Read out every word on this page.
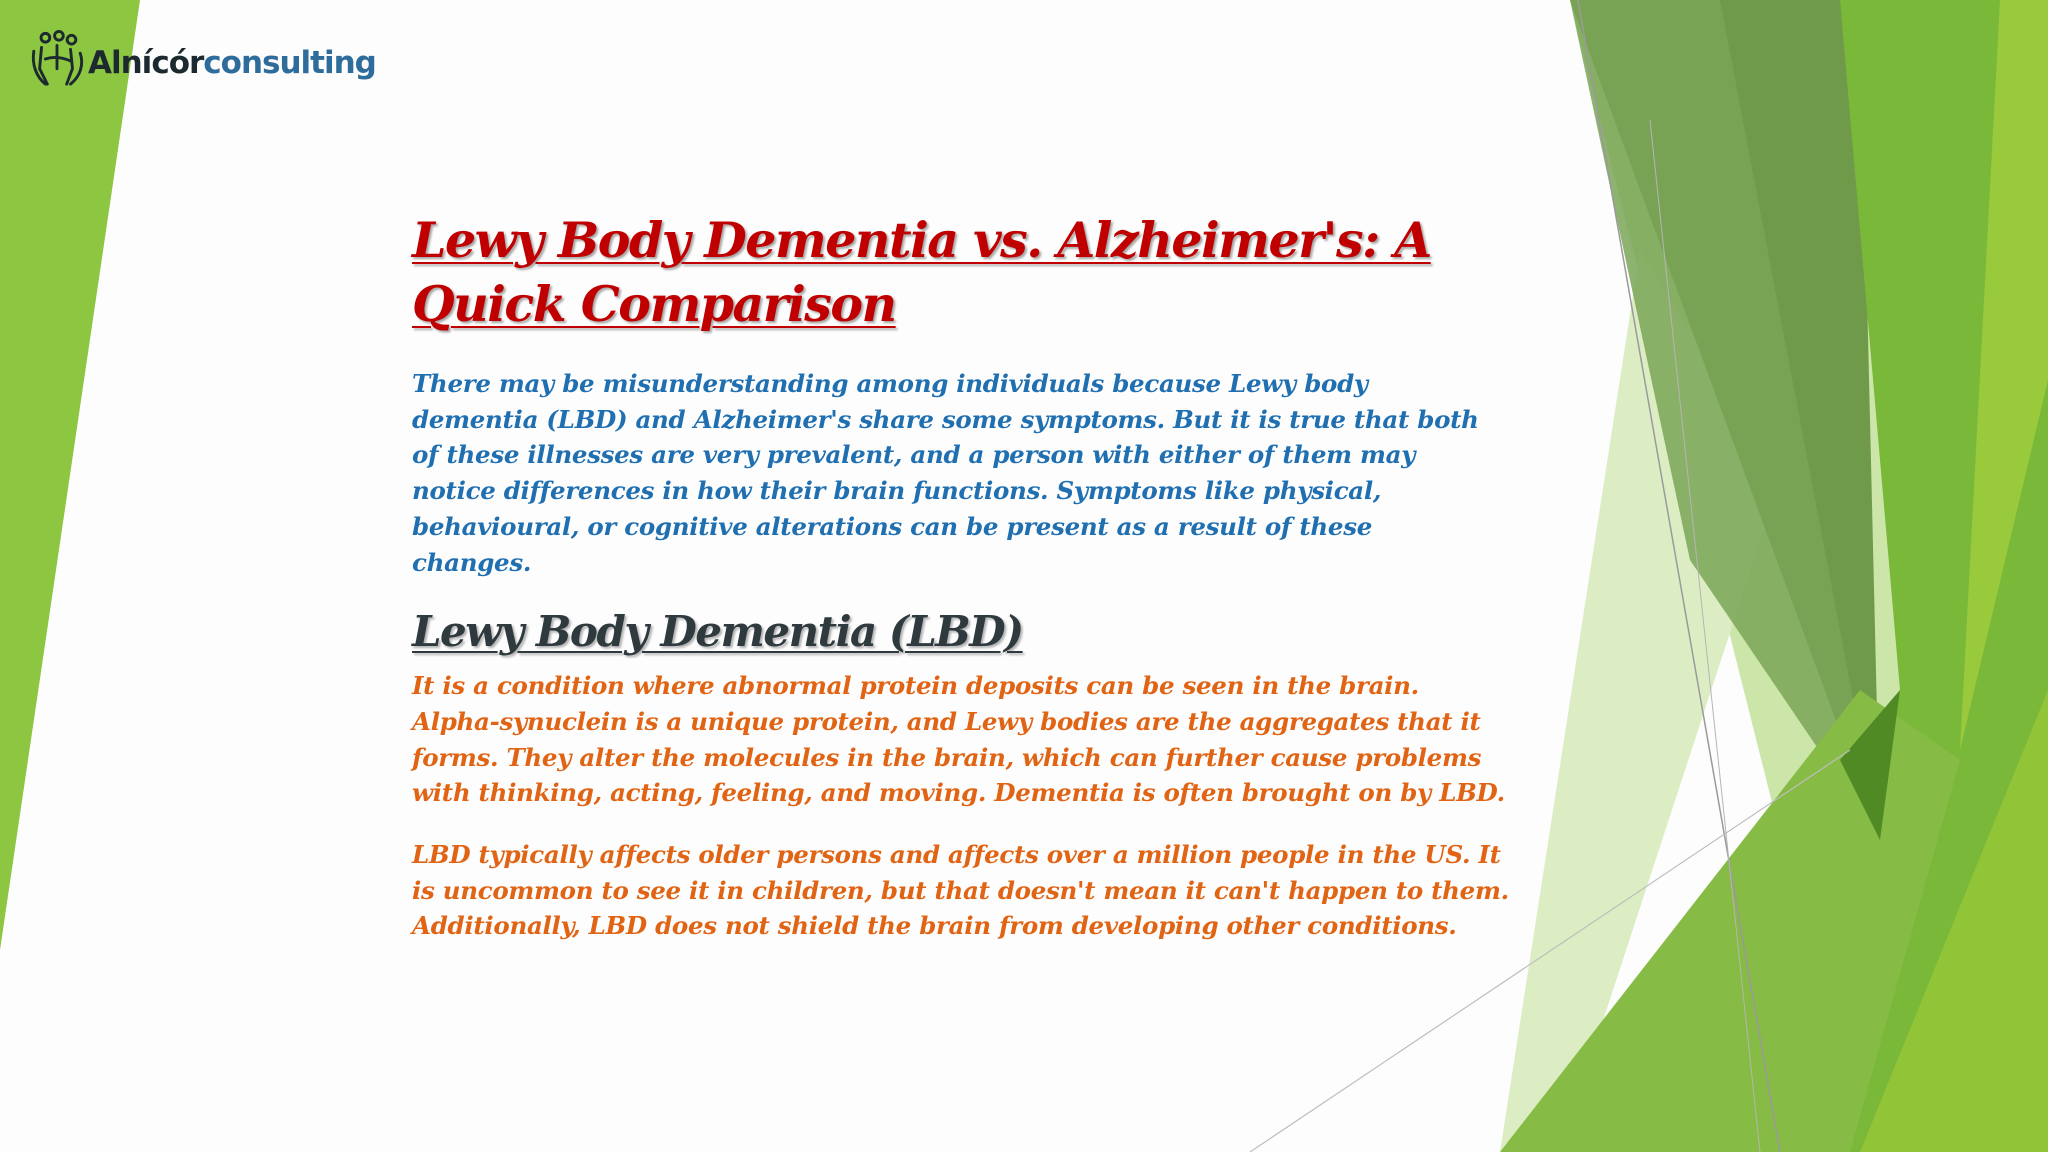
Alnícórconsulting
Lewy Body Dementia vs. Alzheimer's: A Quick Comparison

There may be misunderstanding among individuals because Lewy body dementia (LBD) and Alzheimer's share some symptoms. But it is true that both of these illnesses are very prevalent, and a person with either of them may notice differences in how their brain functions. Symptoms like physical, behavioural, or cognitive alterations can be present as a result of these changes.

Lewy Body Dementia (LBD)

It is a condition where abnormal protein deposits can be seen in the brain. Alpha-synuclein is a unique protein, and Lewy bodies are the aggregates that it forms. They alter the molecules in the brain, which can further cause problems with thinking, acting, feeling, and moving. Dementia is often brought on by LBD.

LBD typically affects older persons and affects over a million people in the US. It is uncommon to see it in children, but that doesn't mean it can't happen to them. Additionally, LBD does not shield the brain from developing other conditions.
